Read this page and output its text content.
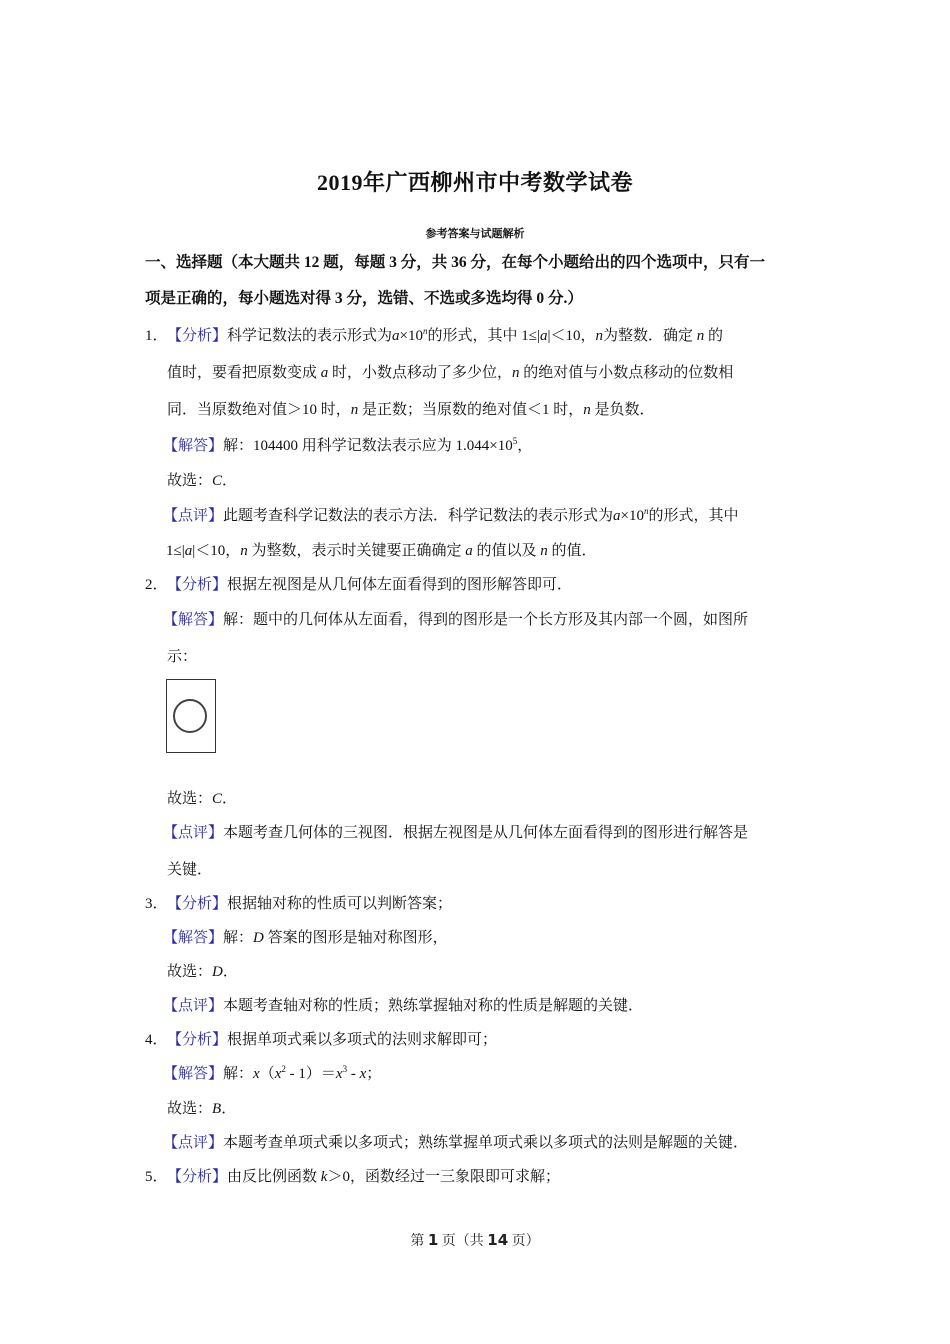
2019年广西柳州市中考数学试卷
参考答案与试题解析
一、选择题（本大题共 12 题，每题 3 分，共 36 分，在每个小题给出的四个选项中，只有一
项是正确的，每小题选对得 3 分，选错、不选或多选均得 0 分.）
1．【分析】科学记数法的表示形式为$a\times 10^n$的形式，其中 1≤|a|＜10，n为整数．确定 n 的
值时，要看把原数变成 a 时，小数点移动了多少位，n 的绝对值与小数点移动的位数相
同．当原数绝对值＞10 时，n 是正数；当原数的绝对值＜1 时，n 是负数．
【解答】解：104400 用科学记数法表示应为 $1.044\times 10^5$，
故选：C．
【点评】此题考查科学记数法的表示方法．科学记数法的表示形式为$a\times 10^n$的形式，其中
1≤|a|＜10，n 为整数，表示时关键要正确确定 a 的值以及 n 的值．
2．【分析】根据左视图是从几何体左面看得到的图形解答即可．
【解答】解：题中的几何体从左面看，得到的图形是一个长方形及其内部一个圆，如图所
示：
故选：C．
【点评】本题考查几何体的三视图．根据左视图是从几何体左面看得到的图形进行解答是
关键．
3．【分析】根据轴对称的性质可以判断答案；
【解答】解：D 答案的图形是轴对称图形，
故选：D．
【点评】本题考查轴对称的性质；熟练掌握轴对称的性质是解题的关键．
4．【分析】根据单项式乘以多项式的法则求解即可；
【解答】解：$x(x^2 - 1)=x^3 - x$；
故选：B．
【点评】本题考查单项式乘以多项式；熟练掌握单项式乘以多项式的法则是解题的关键．
5．【分析】由反比例函数 k＞0，函数经过一三象限即可求解；
第 1 页（共 14 页）
